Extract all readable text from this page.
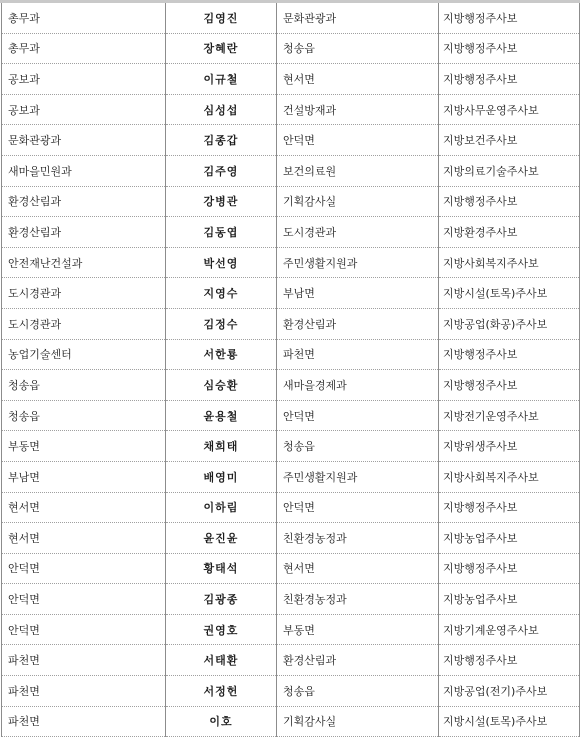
총무과	김영진	문화관광과	지방행정주사보
총무과	장혜란	청송읍	지방행정주사보
공보과	이규철	현서면	지방행정주사보
공보과	심성섭	건설방재과	지방사무운영주사보
문화관광과	김종갑	안덕면	지방보건주사보
새마을민원과	김주영	보건의료원	지방의료기술주사보
환경산림과	강병관	기획감사실	지방행정주사보
환경산림과	김동엽	도시경관과	지방환경주사보
안전재난건설과	박선영	주민생활지원과	지방사회복지주사보
도시경관과	지영수	부남면	지방시설(토목)주사보
도시경관과	김정수	환경산림과	지방공업(화공)주사보
농업기술센터	서한룡	파천면	지방행정주사보
청송읍	심승환	새마을경제과	지방행정주사보
청송읍	윤용철	안덕면	지방전기운영주사보
부동면	채희태	청송읍	지방위생주사보
부남면	배영미	주민생활지원과	지방사회복지주사보
현서면	이하림	안덕면	지방행정주사보
현서면	윤진윤	친환경농정과	지방농업주사보
안덕면	황태석	현서면	지방행정주사보
안덕면	김광종	친환경농정과	지방농업주사보
안덕면	권영호	부동면	지방기계운영주사보
파천면	서태환	환경산림과	지방행정주사보
파천면	서정헌	청송읍	지방공업(전기)주사보
파천면	이호	기획감사실	지방시설(토목)주사보
